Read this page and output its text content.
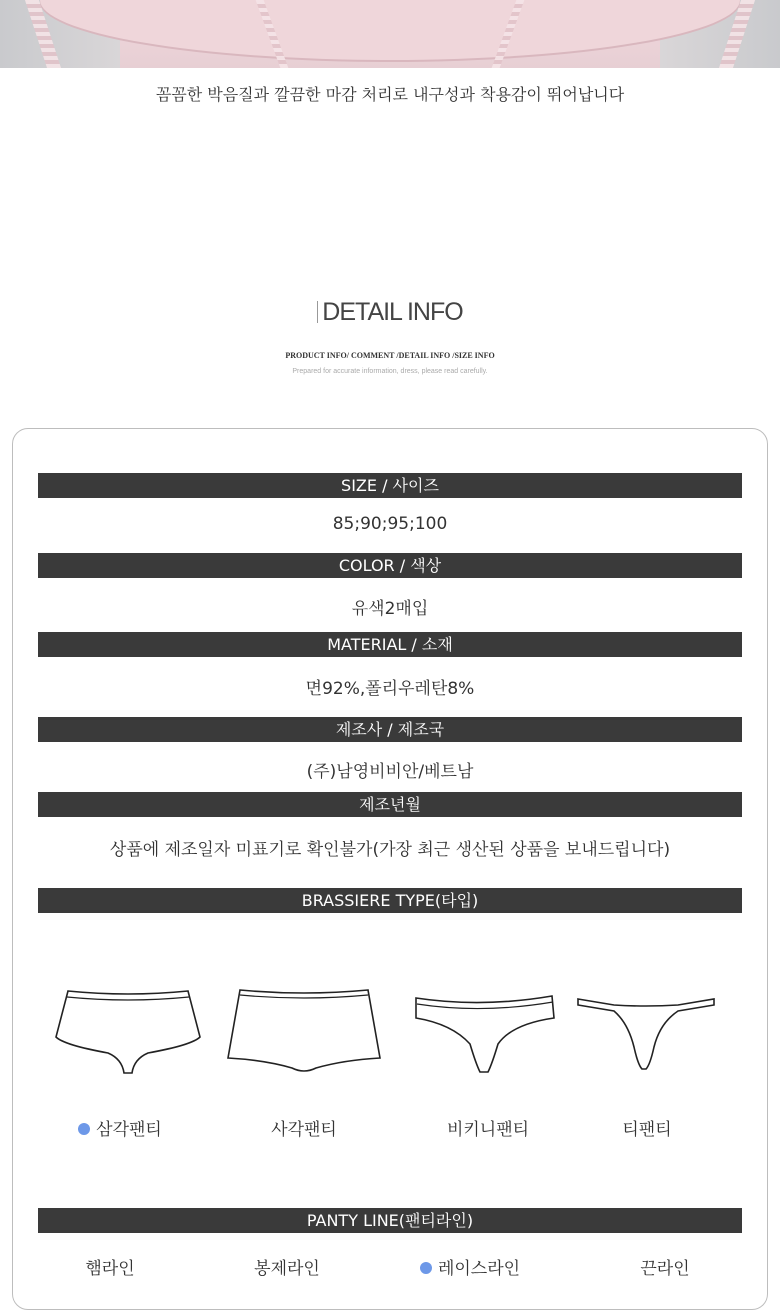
꼼꼼한 박음질과 깔끔한 마감 처리로 내구성과 착용감이 뛰어납니다
DETAIL INFO
PRODUCT INFO/ COMMENT /DETAIL INFO /SIZE INFO
Prepared for accurate information, dress, please read carefully.
SIZE / 사이즈
85;90;95;100
COLOR / 색상
유색2매입
MATERIAL / 소재
면92%,폴리우레탄8%
제조사 / 제조국
(주)남영비비안/베트남
제조년월
상품에 제조일자 미표기로 확인불가(가장 최근 생산된 상품을 보내드립니다)
BRASSIERE TYPE(타입)
삼각팬티	사각팬티	비키니팬티	티팬티
PANTY LINE(팬티라인)
햄라인	봉제라인	레이스라인	끈라인
